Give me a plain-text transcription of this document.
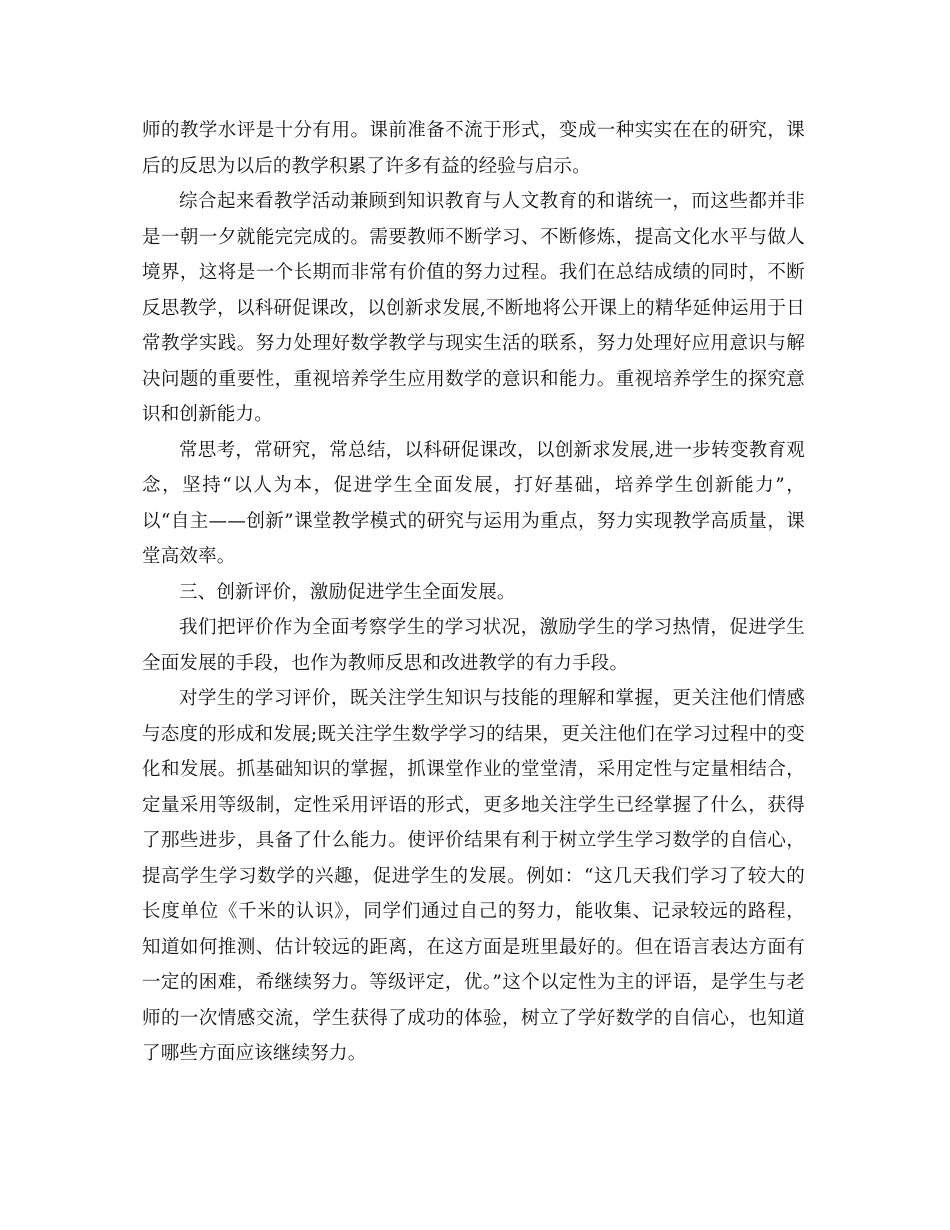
师的教学水评是十分有用。课前准备不流于形式，变成一种实实在在的研究，课后的反思为以后的教学积累了许多有益的经验与启示。

综合起来看教学活动兼顾到知识教育与人文教育的和谐统一，而这些都并非是一朝一夕就能完完成的。需要教师不断学习、不断修炼，提高文化水平与做人境界，这将是一个长期而非常有价值的努力过程。我们在总结成绩的同时，不断反思教学，以科研促课改，以创新求发展,不断地将公开课上的精华延伸运用于日常教学实践。努力处理好数学教学与现实生活的联系，努力处理好应用意识与解决问题的重要性，重视培养学生应用数学的意识和能力。重视培养学生的探究意识和创新能力。

常思考，常研究，常总结，以科研促课改，以创新求发展,进一步转变教育观念，坚持“以人为本，促进学生全面发展，打好基础，培养学生创新能力”，以“自主——创新”课堂教学模式的研究与运用为重点，努力实现教学高质量，课堂高效率。

三、创新评价，激励促进学生全面发展。

我们把评价作为全面考察学生的学习状况，激励学生的学习热情，促进学生全面发展的手段，也作为教师反思和改进教学的有力手段。

对学生的学习评价，既关注学生知识与技能的理解和掌握，更关注他们情感与态度的形成和发展;既关注学生数学学习的结果，更关注他们在学习过程中的变化和发展。抓基础知识的掌握，抓课堂作业的堂堂清，采用定性与定量相结合，定量采用等级制，定性采用评语的形式，更多地关注学生已经掌握了什么，获得了那些进步，具备了什么能力。使评价结果有利于树立学生学习数学的自信心，提高学生学习数学的兴趣，促进学生的发展。例如：“这几天我们学习了较大的长度单位《千米的认识》，同学们通过自己的努力，能收集、记录较远的路程，知道如何推测、估计较远的距离，在这方面是班里最好的。但在语言表达方面有一定的困难，希继续努力。等级评定，优。”这个以定性为主的评语，是学生与老师的一次情感交流，学生获得了成功的体验，树立了学好数学的自信心，也知道了哪些方面应该继续努力。
